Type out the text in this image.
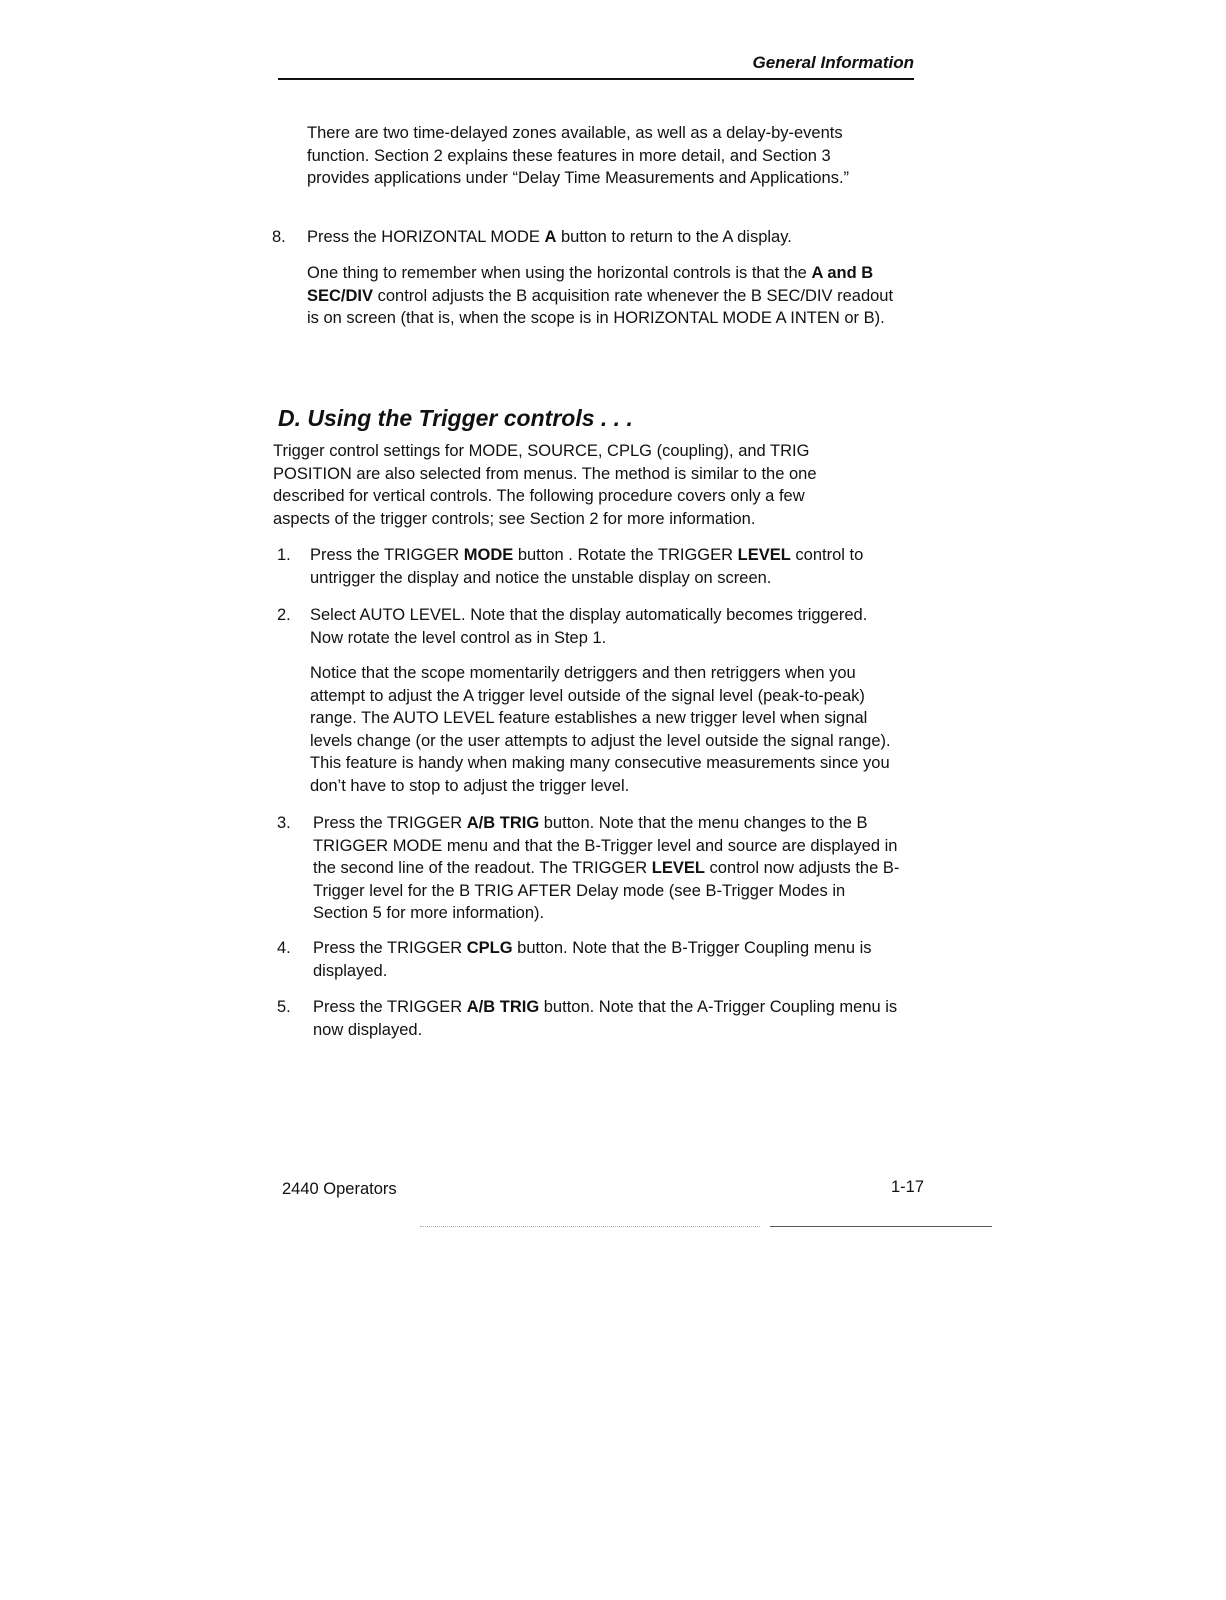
General Information

There are two time-delayed zones available, as well as a delay-by-events function. Section 2 explains these features in more detail, and Section 3 provides applications under “Delay Time Measurements and Applications.”

8. Press the HORIZONTAL MODE A button to return to the A display.

One thing to remember when using the horizontal controls is that the A and B SEC/DIV control adjusts the B acquisition rate whenever the B SEC/DIV readout is on screen (that is, when the scope is in HORIZONTAL MODE A INTEN or B).

D. Using the Trigger controls . . .

Trigger control settings for MODE, SOURCE, CPLG (coupling), and TRIG POSITION are also selected from menus. The method is similar to the one described for vertical controls. The following procedure covers only a few aspects of the trigger controls; see Section 2 for more information.

1. Press the TRIGGER MODE button . Rotate the TRIGGER LEVEL control to untrigger the display and notice the unstable display on screen.

2. Select AUTO LEVEL. Note that the display automatically becomes triggered. Now rotate the level control as in Step 1.

Notice that the scope momentarily detriggers and then retriggers when you attempt to adjust the A trigger level outside of the signal level (peak-to-peak) range. The AUTO LEVEL feature establishes a new trigger level when signal levels change (or the user attempts to adjust the level outside the signal range). This feature is handy when making many consecutive measurements since you don’t have to stop to adjust the trigger level.

3. Press the TRIGGER A/B TRIG button. Note that the menu changes to the B TRIGGER MODE menu and that the B-Trigger level and source are displayed in the second line of the readout. The TRIGGER LEVEL control now adjusts the B-Trigger level for the B TRIG AFTER Delay mode (see B-Trigger Modes in Section 5 for more information).

4. Press the TRIGGER CPLG button. Note that the B-Trigger Coupling menu is displayed.

5. Press the TRIGGER A/B TRIG button. Note that the A-Trigger Coupling menu is now displayed.

2440 Operators	1-17
